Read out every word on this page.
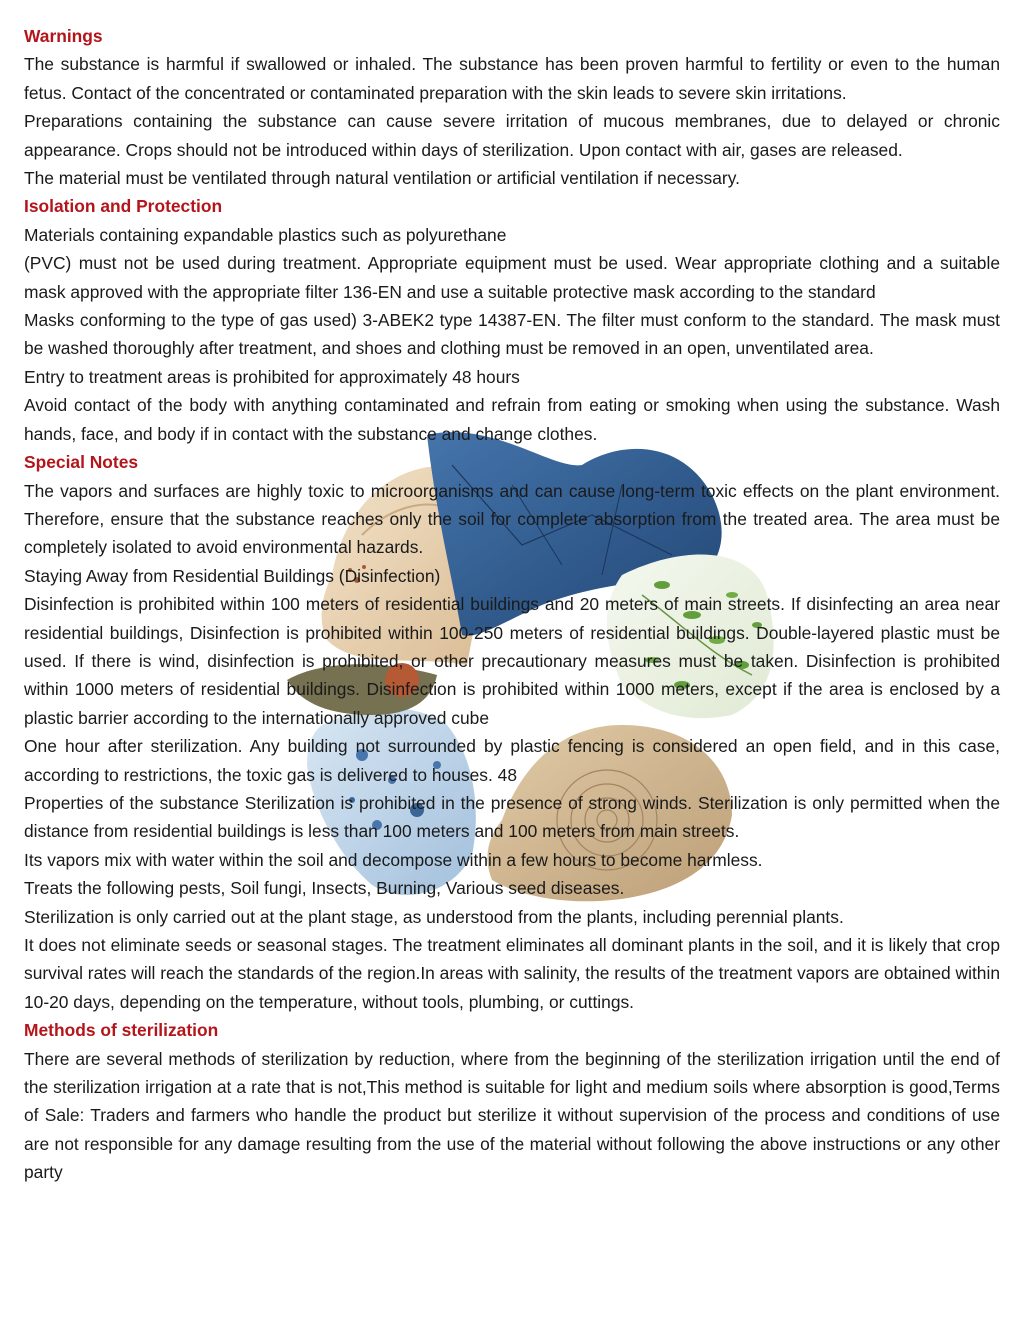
Warnings

The substance is harmful if swallowed or inhaled. The substance has been proven harmful to fertility or even to the human fetus. Contact of the concentrated or contaminated preparation with the skin leads to severe skin irritations.

Preparations containing the substance can cause severe irritation of mucous membranes, due to delayed or chronic appearance. Crops should not be introduced within days of sterilization. Upon contact with air, gases are released.

The material must be ventilated through natural ventilation or artificial ventilation if necessary.

Isolation and Protection

Materials containing expandable plastics such as polyurethane

(PVC) must not be used during treatment. Appropriate equipment must be used. Wear appropriate clothing and a suitable mask approved with the appropriate filter 136-EN and use a suitable protective mask according to the standard

Masks conforming to the type of gas used) 3-ABEK2 type 14387-EN. The filter must conform to the standard. The mask must be washed thoroughly after treatment, and shoes and clothing must be removed in an open, unventilated area.

Entry to treatment areas is prohibited for approximately 48 hours

Avoid contact of the body with anything contaminated and refrain from eating or smoking when using the substance. Wash hands, face, and body if in contact with the substance and change clothes.

Special Notes

The vapors and surfaces are highly toxic to microorganisms and can cause long-term toxic effects on the plant environment. Therefore, ensure that the substance reaches only the soil for complete absorption from the treated area. The area must be completely isolated to avoid environmental hazards.

Staying Away from Residential Buildings (Disinfection)

Disinfection is prohibited within 100 meters of residential buildings and 20 meters of main streets. If disinfecting an area near residential buildings, Disinfection is prohibited within 100-250 meters of residential buildings. Double-layered plastic must be used. If there is wind, disinfection is prohibited, or other precautionary measures must be taken. Disinfection is prohibited within 1000 meters of residential buildings. Disinfection is prohibited within 1000 meters, except if the area is enclosed by a plastic barrier according to the internationally approved cube

One hour after sterilization. Any building not surrounded by plastic fencing is considered an open field, and in this case, according to restrictions, the toxic gas is delivered to houses. 48

Properties of the substance Sterilization is prohibited in the presence of strong winds. Sterilization is only permitted when the distance from residential buildings is less than 100 meters and 100 meters from main streets.

Its vapors mix with water within the soil and decompose within a few hours to become harmless.

Treats the following pests, Soil fungi, Insects, Burning, Various seed diseases.

Sterilization is only carried out at the plant stage, as understood from the plants, including perennial plants.

It does not eliminate seeds or seasonal stages. The treatment eliminates all dominant plants in the soil, and it is likely that crop survival rates will reach the standards of the region.In areas with salinity, the results of the treatment vapors are obtained within 10-20 days, depending on the temperature, without tools, plumbing, or cuttings.

Methods of sterilization

There are several methods of sterilization by reduction, where from the beginning of the sterilization irrigation until the end of the sterilization irrigation at a rate that is not,This method is suitable for light and medium soils where absorption is good,Terms of Sale: Traders and farmers who handle the product but sterilize it without supervision of the process and conditions of use are not responsible for any damage resulting from the use of the material without following the above instructions or any other party
